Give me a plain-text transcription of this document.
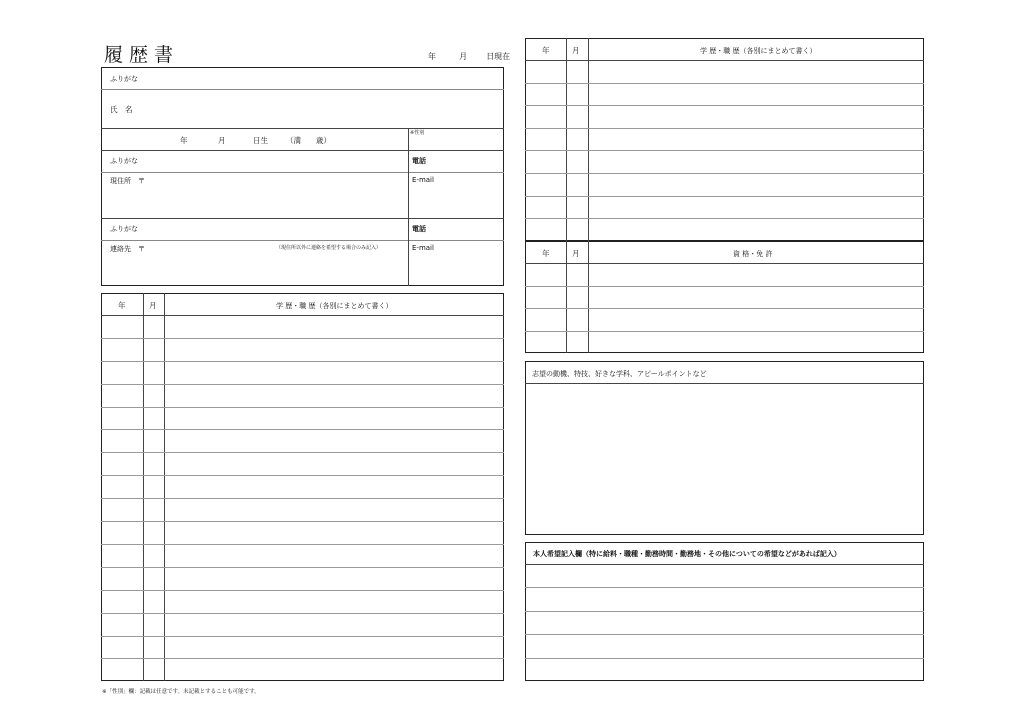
履歴書	年	月 日現在
ふりがな
氏　名
年	月	日生 （満　　歳）
※性別
ふりがな
現住所　〒
電話
E-mail
ふりがな
連絡先　〒	（現住所以外に連絡を希望する場合のみ記入）
電話
E-mail
年	月	学 歴・職 歴（各別にまとめて書く）
年	月	学 歴・職 歴（各別にまとめて書く）
年	月	資 格・免 許
志望の動機、特技、好きな学科、アピールポイントなど
本人希望記入欄（特に給料・職種・勤務時間・勤務地・その他についての希望などがあれば記入）
※「性別」欄：記載は任意です。未記載とすることも可能です。
